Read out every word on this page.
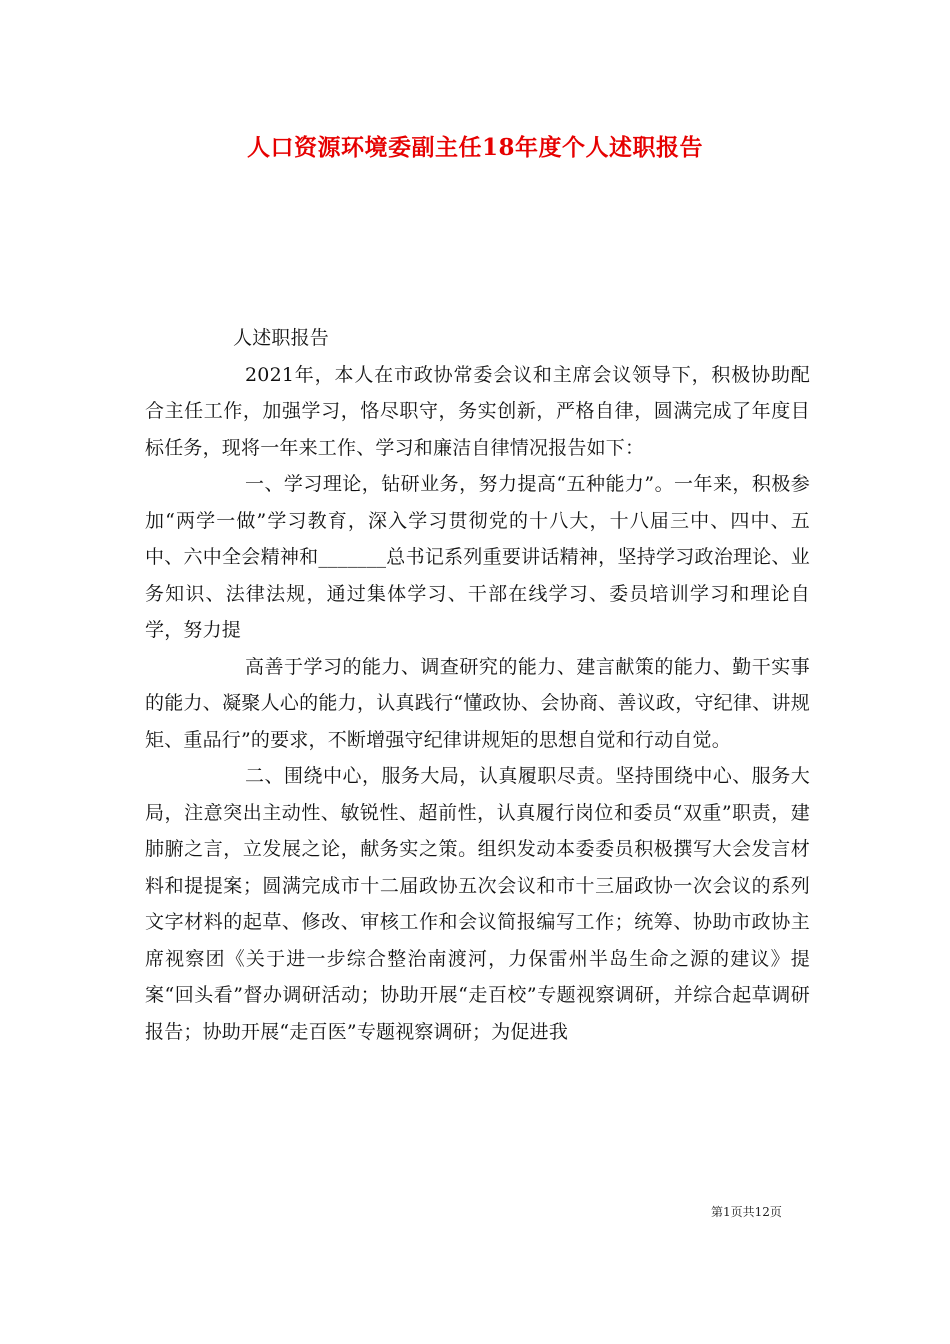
人口资源环境委副主任18年度个人述职报告

人述职报告

2021年，本人在市政协常委会议和主席会议领导下，积极协助配合主任工作，加强学习，恪尽职守，务实创新，严格自律，圆满完成了年度目标任务，现将一年来工作、学习和廉洁自律情况报告如下：

一、学习理论，钻研业务，努力提高“五种能力”。一年来，积极参加“两学一做”学习教育，深入学习贯彻党的十八大，十八届三中、四中、五中、六中全会精神和_______总书记系列重要讲话精神，坚持学习政治理论、业务知识、法律法规，通过集体学习、干部在线学习、委员培训学习和理论自学，努力提

高善于学习的能力、调查研究的能力、建言献策的能力、勤干实事的能力、凝聚人心的能力，认真践行“懂政协、会协商、善议政，守纪律、讲规矩、重品行”的要求，不断增强守纪律讲规矩的思想自觉和行动自觉。

二、围绕中心，服务大局，认真履职尽责。坚持围绕中心、服务大局，注意突出主动性、敏锐性、超前性，认真履行岗位和委员“双重”职责，建肺腑之言，立发展之论，献务实之策。组织发动本委委员积极撰写大会发言材料和提提案；圆满完成市十二届政协五次会议和市十三届政协一次会议的系列文字材料的起草、修改、审核工作和会议简报编写工作；统筹、协助市政协主席视察团《关于进一步综合整治南渡河，力保雷州半岛生命之源的建议》提案“回头看”督办调研活动；协助开展“走百校”专题视察调研，并综合起草调研报告；协助开展“走百医”专题视察调研；为促进我

第1页共12页
